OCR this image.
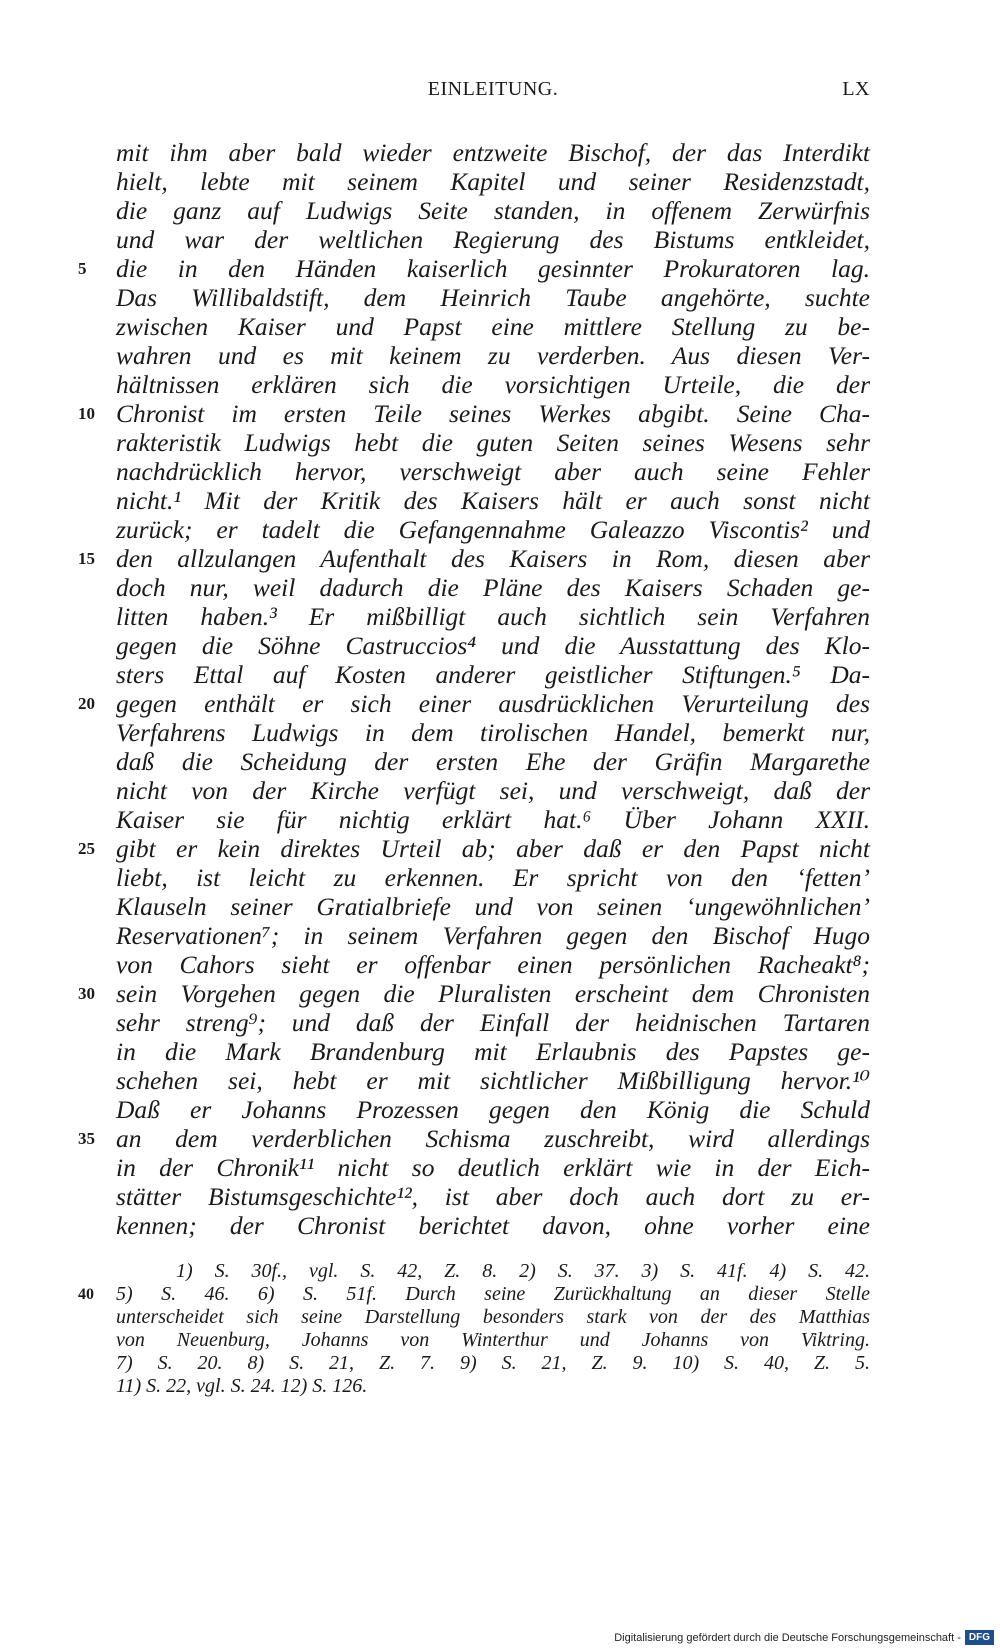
EINLEITUNG.	LX
mit ihm aber bald wieder entzweite Bischof, der das Interdikt
hielt, lebte mit seinem Kapitel und seiner Residenzstadt,
die ganz auf Ludwigs Seite standen, in offenem Zerwürfnis
und war der weltlichen Regierung des Bistums entkleidet,
die in den Händen kaiserlich gesinnter Prokuratoren lag.
5
Das Willibaldstift, dem Heinrich Taube angehörte, suchte
zwischen Kaiser und Papst eine mittlere Stellung zu be-
wahren und es mit keinem zu verderben. Aus diesen Ver-
hältnissen erklären sich die vorsichtigen Urteile, die der
Chronist im ersten Teile seines Werkes abgibt. Seine Cha-
10
rakteristik Ludwigs hebt die guten Seiten seines Wesens sehr
nachdrücklich hervor, verschweigt aber auch seine Fehler
nicht.¹ Mit der Kritik des Kaisers hält er auch sonst nicht
zurück; er tadelt die Gefangennahme Galeazzo Viscontis² und
den allzulangen Aufenthalt des Kaisers in Rom, diesen aber
15
doch nur, weil dadurch die Pläne des Kaisers Schaden ge-
litten haben.³ Er mißbilligt auch sichtlich sein Verfahren
gegen die Söhne Castruccios⁴ und die Ausstattung des Klo-
sters Ettal auf Kosten anderer geistlicher Stiftungen.⁵ Da-
gegen enthält er sich einer ausdrücklichen Verurteilung des
20
Verfahrens Ludwigs in dem tirolischen Handel, bemerkt nur,
daß die Scheidung der ersten Ehe der Gräfin Margarethe
nicht von der Kirche verfügt sei, und verschweigt, daß der
Kaiser sie für nichtig erklärt hat.⁶ Über Johann XXII.
gibt er kein direktes Urteil ab; aber daß er den Papst nicht
25
liebt, ist leicht zu erkennen. Er spricht von den ‘fetten’
Klauseln seiner Gratialbriefe und von seinen ‘ungewöhnlichen’
Reservationen⁷; in seinem Verfahren gegen den Bischof Hugo
von Cahors sieht er offenbar einen persönlichen Racheakt⁸;
sein Vorgehen gegen die Pluralisten erscheint dem Chronisten
30
sehr streng⁹; und daß der Einfall der heidnischen Tartaren
in die Mark Brandenburg mit Erlaubnis des Papstes ge-
schehen sei, hebt er mit sichtlicher Mißbilligung hervor.¹⁰
Daß er Johanns Prozessen gegen den König die Schuld
an dem verderblichen Schisma zuschreibt, wird allerdings
35
in der Chronik¹¹ nicht so deutlich erklärt wie in der Eich-
stätter Bistumsgeschichte¹², ist aber doch auch dort zu er-
kennen; der Chronist berichtet davon, ohne vorher eine
1) S. 30f., vgl. S. 42, Z. 8. 2) S. 37. 3) S. 41f. 4) S. 42.
5) S. 46. 6) S. 51f. Durch seine Zurückhaltung an dieser Stelle
40
unterscheidet sich seine Darstellung besonders stark von der des Matthias
von Neuenburg, Johanns von Winterthur und Johanns von Viktring.
7) S. 20. 8) S. 21, Z. 7. 9) S. 21, Z. 9. 10) S. 40, Z. 5.
11) S. 22, vgl. S. 24. 12) S. 126.
Digitalisierung gefördert durch die Deutsche Forschungsgemeinschaft - DFG
